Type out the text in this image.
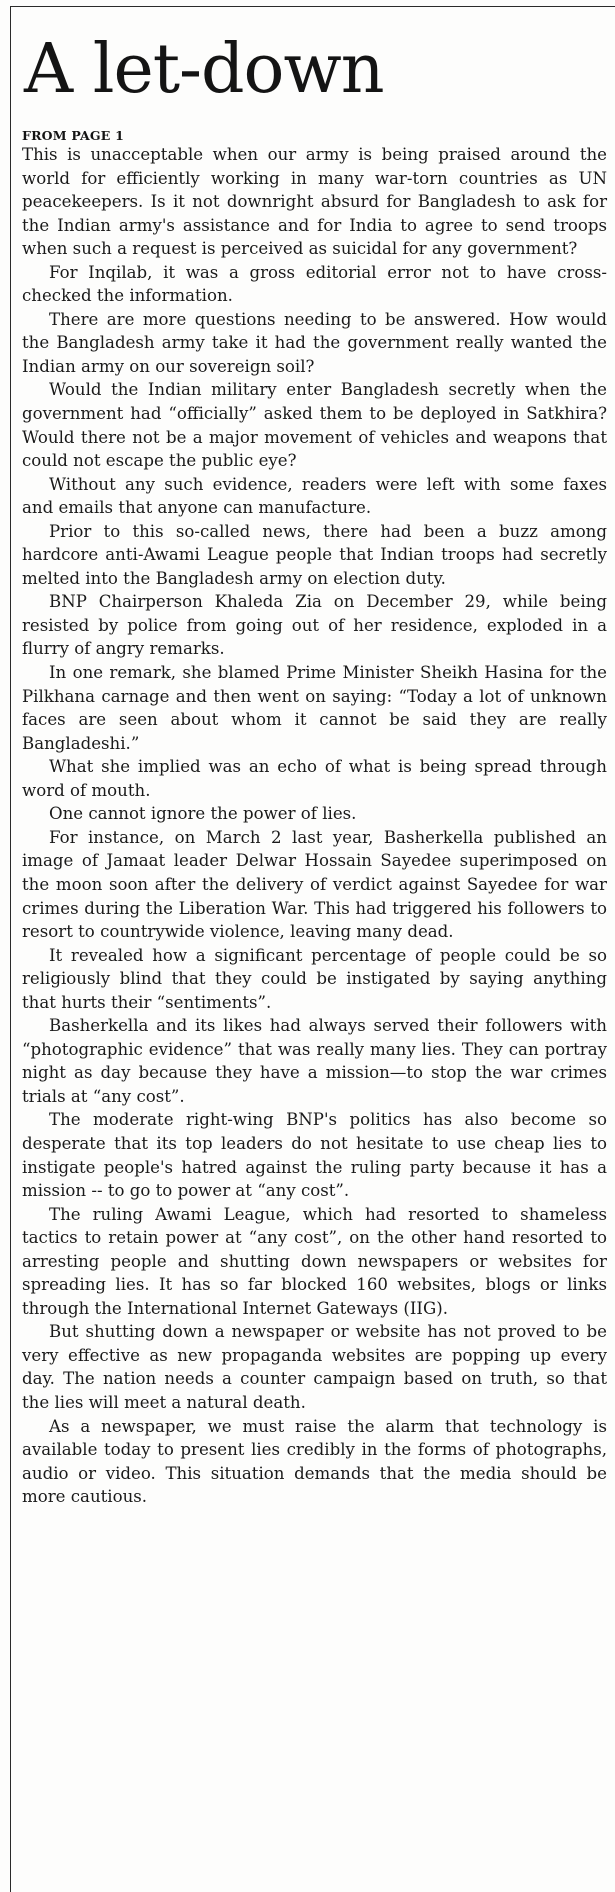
A let-down
FROM PAGE 1

This is unacceptable when our army is being praised around the world for efficiently working in many war-torn countries as UN peacekeepers. Is it not downright absurd for Bangladesh to ask for the Indian army's assistance and for India to agree to send troops when such a request is perceived as suicidal for any government?

For Inqilab, it was a gross editorial error not to have cross-checked the information.

There are more questions needing to be answered. How would the Bangladesh army take it had the government really wanted the Indian army on our sovereign soil?

Would the Indian military enter Bangladesh secretly when the government had “officially” asked them to be deployed in Satkhira? Would there not be a major movement of vehicles and weapons that could not escape the public eye?

Without any such evidence, readers were left with some faxes and emails that anyone can manufacture.

Prior to this so-called news, there had been a buzz among hardcore anti-Awami League people that Indian troops had secretly melted into the Bangladesh army on election duty.

BNP Chairperson Khaleda Zia on December 29, while being resisted by police from going out of her residence, exploded in a flurry of angry remarks.

In one remark, she blamed Prime Minister Sheikh Hasina for the Pilkhana carnage and then went on saying: “Today a lot of unknown faces are seen about whom it cannot be said they are really Bangladeshi.”

What she implied was an echo of what is being spread through word of mouth.

One cannot ignore the power of lies.

For instance, on March 2 last year, Basherkella published an image of Jamaat leader Delwar Hossain Sayedee superimposed on the moon soon after the delivery of verdict against Sayedee for war crimes during the Liberation War. This had triggered his followers to resort to countrywide violence, leaving many dead.

It revealed how a significant percentage of people could be so religiously blind that they could be instigated by saying anything that hurts their “sentiments”.

Basherkella and its likes had always served their followers with “photographic evidence” that was really many lies. They can portray night as day because they have a mission—to stop the war crimes trials at “any cost”.

The moderate right-wing BNP's politics has also become so desperate that its top leaders do not hesitate to use cheap lies to instigate people's hatred against the ruling party because it has a mission -- to go to power at “any cost”.

The ruling Awami League, which had resorted to shameless tactics to retain power at “any cost”, on the other hand resorted to arresting people and shutting down newspapers or websites for spreading lies. It has so far blocked 160 websites, blogs or links through the International Internet Gateways (IIG).

But shutting down a newspaper or website has not proved to be very effective as new propaganda websites are popping up every day. The nation needs a counter campaign based on truth, so that the lies will meet a natural death.

As a newspaper, we must raise the alarm that technology is available today to present lies credibly in the forms of photographs, audio or video. This situation demands that the media should be more cautious.
